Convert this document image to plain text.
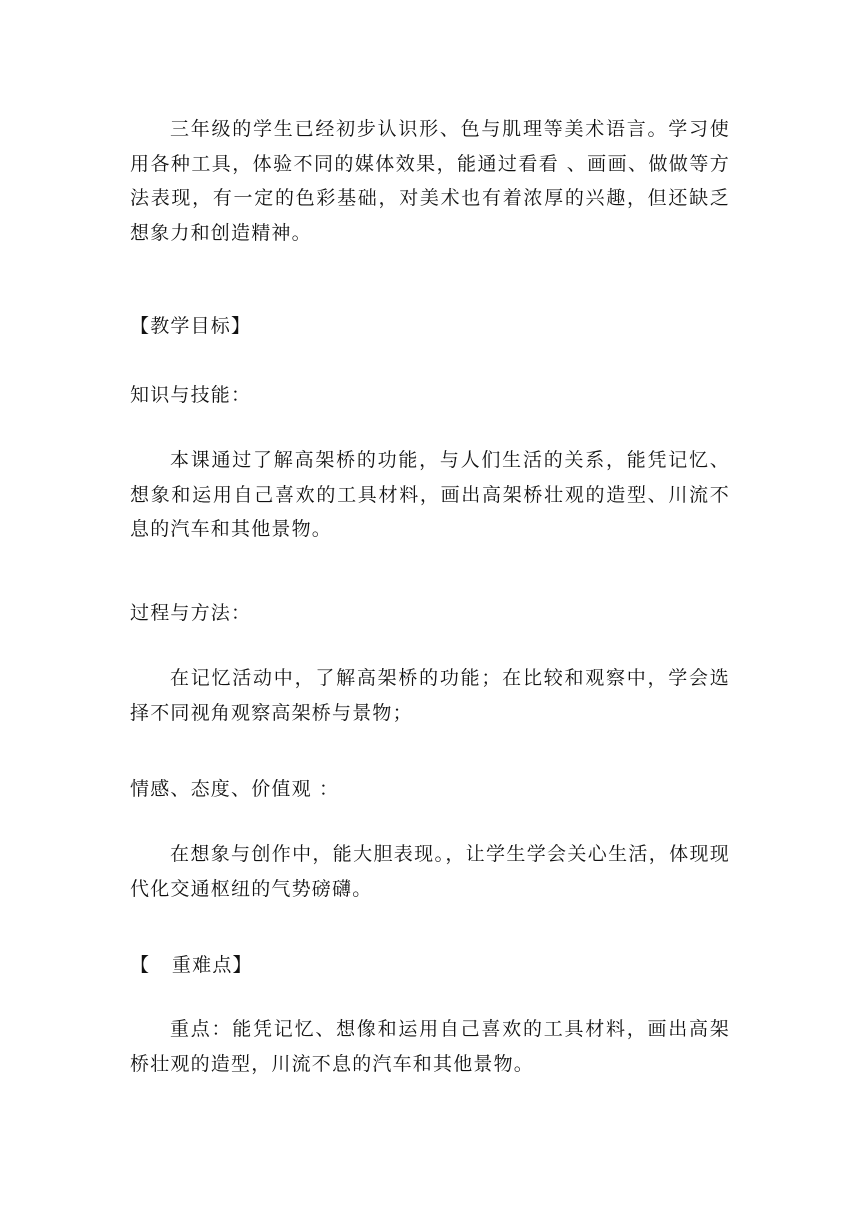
三年级的学生已经初步认识形、色与肌理等美术语言。学习使用各种工具，体验不同的媒体效果，能通过看看 、画画、做做等方法表现，有一定的色彩基础，对美术也有着浓厚的兴趣，但还缺乏想象力和创造精神。

【教学目标】
知识与技能：

本课通过了解高架桥的功能，与人们生活的关系，能凭记忆、想象和运用自己喜欢的工具材料，画出高架桥壮观的造型、川流不息的汽车和其他景物。

过程与方法：

在记忆活动中，了解高架桥的功能；在比较和观察中，学会选择不同视角观察高架桥与景物；

情感、态度、价值观 ：

在想象与创作中，能大胆表现。，让学生学会关心生活，体现现代化交通枢纽的气势磅礴。

【   重难点】

重点：能凭记忆、想像和运用自己喜欢的工具材料，画出高架桥壮观的造型，川流不息的汽车和其他景物。
